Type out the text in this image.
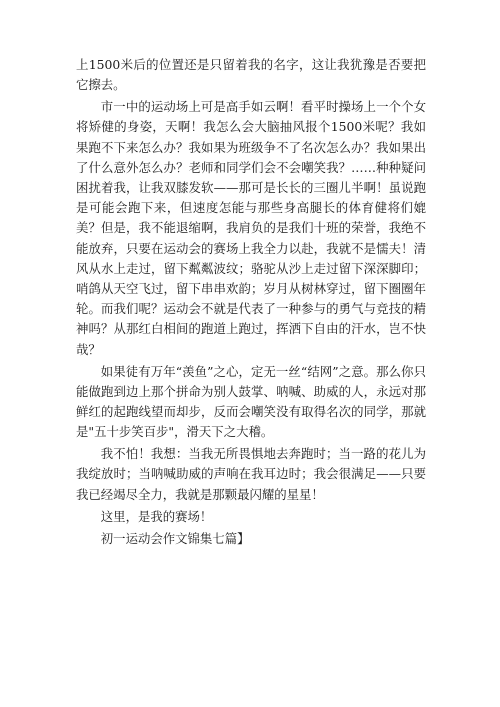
上1500米后的位置还是只留着我的名字，这让我犹豫是否要把它擦去。

市一中的运动场上可是高手如云啊！看平时操场上一个个女将矫健的身姿，天啊！我怎么会大脑抽风报个1500米呢？我如果跑不下来怎么办？我如果为班级争不了名次怎么办？我如果出了什么意外怎么办？老师和同学们会不会嘲笑我？……种种疑问困扰着我，让我双膝发软——那可是长长的三圈儿半啊！虽说跑是可能会跑下来，但速度怎能与那些身高腿长的体育健将们媲美？但是，我不能退缩啊，我肩负的是我们十班的荣誉，我绝不能放弃，只要在运动会的赛场上我全力以赴，我就不是懦夫！清风从水上走过，留下粼粼波纹；骆驼从沙上走过留下深深脚印；哨鸽从天空飞过，留下串串欢韵；岁月从树林穿过，留下圈圈年轮。而我们呢？运动会不就是代表了一种参与的勇气与竞技的精神吗？从那红白相间的跑道上跑过，挥洒下自由的汗水，岂不快哉？

如果徒有万年“羡鱼”之心，定无一丝“结网”之意。那么你只能做跑到边上那个拼命为别人鼓掌、呐喊、助威的人，永远对那鲜红的起跑线望而却步，反而会嘲笑没有取得名次的同学，那就是"五十步笑百步"，滑天下之大稽。

我不怕！我想：当我无所畏惧地去奔跑时；当一路的花儿为我绽放时；当呐喊助威的声响在我耳边时；我会很满足——只要我已经竭尽全力，我就是那颗最闪耀的星星！

这里，是我的赛场！

初一运动会作文锦集七篇】
